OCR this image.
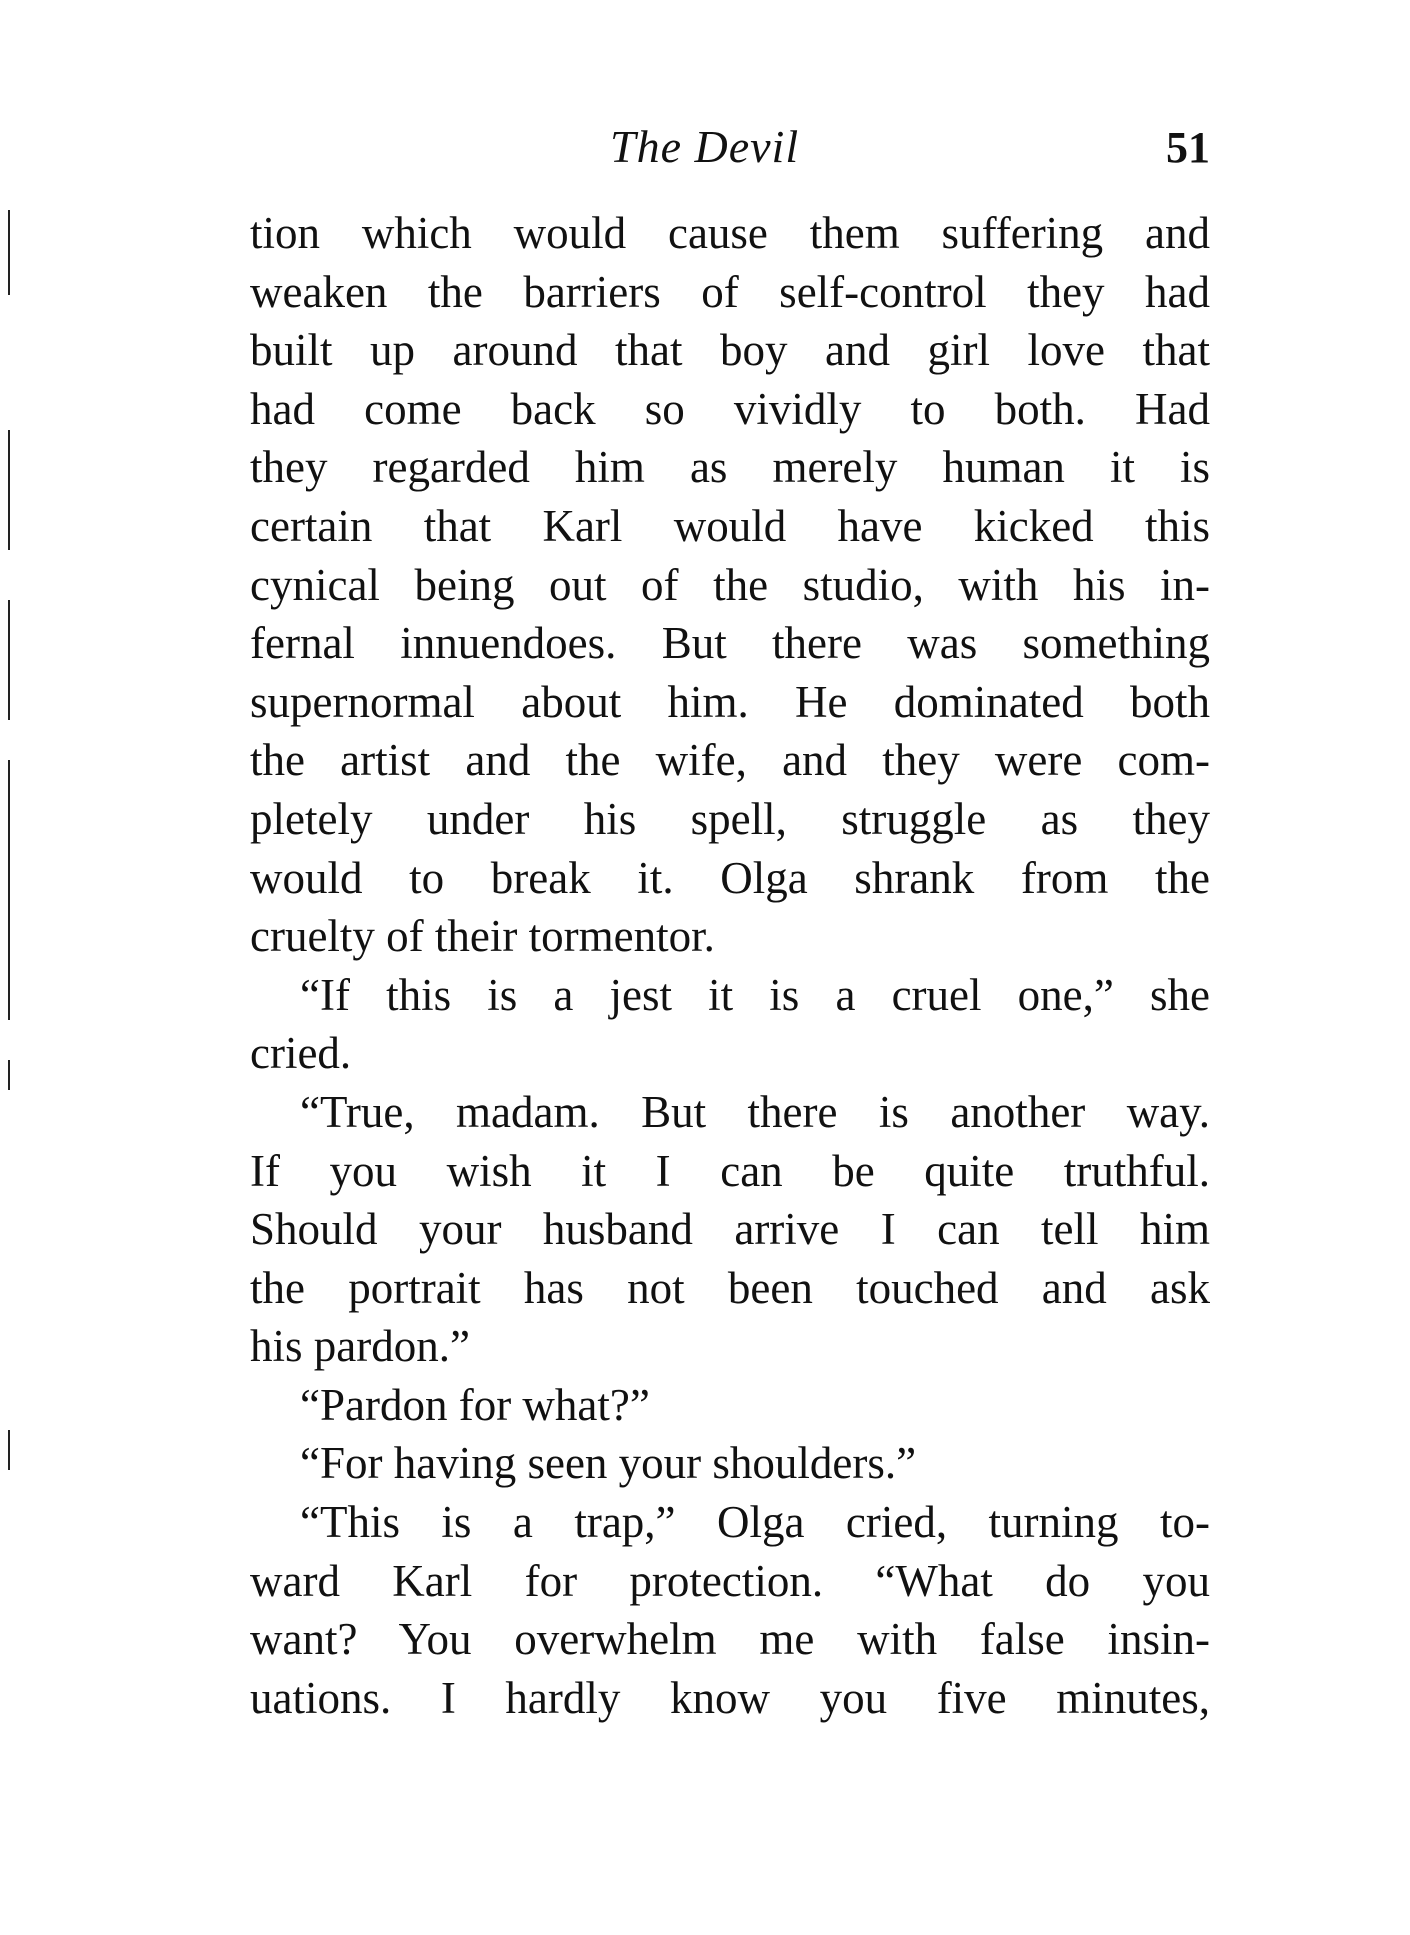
The Devil	51
tion which would cause them suffering and
weaken the barriers of self-control they had
built up around that boy and girl love that
had come back so vividly to both. Had
they regarded him as merely human it is
certain that Karl would have kicked this
cynical being out of the studio, with his in-
fernal innuendoes. But there was something
supernormal about him. He dominated both
the artist and the wife, and they were com-
pletely under his spell, struggle as they
would to break it. Olga shrank from the
cruelty of their tormentor.
“If this is a jest it is a cruel one,” she
cried.
“True, madam. But there is another way.
If you wish it I can be quite truthful.
Should your husband arrive I can tell him
the portrait has not been touched and ask
his pardon.”
“Pardon for what?”
“For having seen your shoulders.”
“This is a trap,” Olga cried, turning to-
ward Karl for protection. “What do you
want? You overwhelm me with false insin-
uations. I hardly know you five minutes,
